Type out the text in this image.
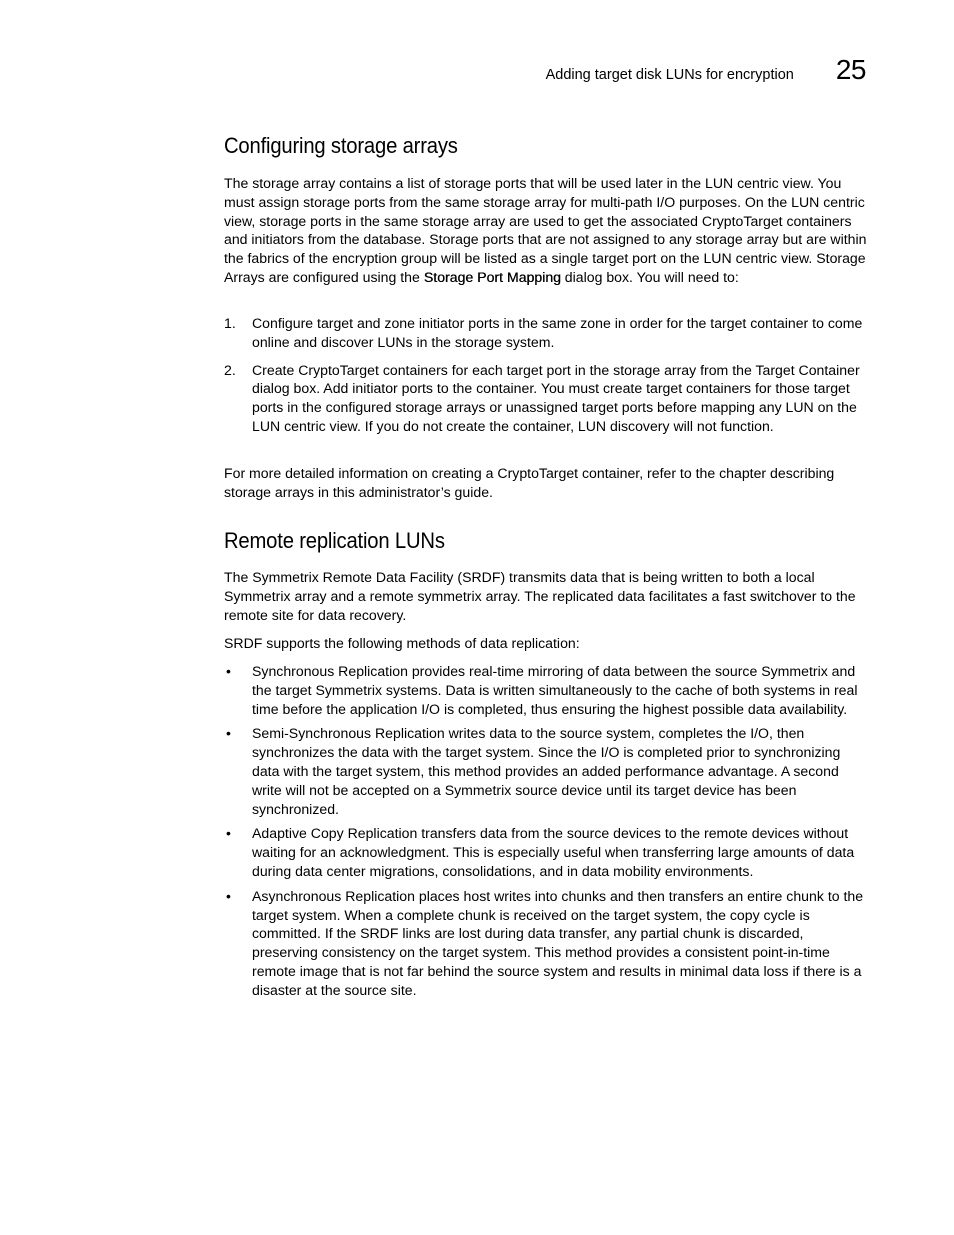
Adding target disk LUNs for encryption 25
Configuring storage arrays

The storage array contains a list of storage ports that will be used later in the LUN centric view. You must assign storage ports from the same storage array for multi-path I/O purposes. On the LUN centric view, storage ports in the same storage array are used to get the associated CryptoTarget containers and initiators from the database. Storage ports that are not assigned to any storage array but are within the fabrics of the encryption group will be listed as a single target port on the LUN centric view. Storage Arrays are configured using the Storage Port Mapping dialog box. You will need to:

1. Configure target and zone initiator ports in the same zone in order for the target container to come online and discover LUNs in the storage system.
2. Create CryptoTarget containers for each target port in the storage array from the Target Container dialog box. Add initiator ports to the container. You must create target containers for those target ports in the configured storage arrays or unassigned target ports before mapping any LUN on the LUN centric view. If you do not create the container, LUN discovery will not function.

For more detailed information on creating a CryptoTarget container, refer to the chapter describing storage arrays in this administrator’s guide.

Remote replication LUNs

The Symmetrix Remote Data Facility (SRDF) transmits data that is being written to both a local Symmetrix array and a remote symmetrix array. The replicated data facilitates a fast switchover to the remote site for data recovery.

SRDF supports the following methods of data replication:

• Synchronous Replication provides real-time mirroring of data between the source Symmetrix and the target Symmetrix systems. Data is written simultaneously to the cache of both systems in real time before the application I/O is completed, thus ensuring the highest possible data availability.
• Semi-Synchronous Replication writes data to the source system, completes the I/O, then synchronizes the data with the target system. Since the I/O is completed prior to synchronizing data with the target system, this method provides an added performance advantage. A second write will not be accepted on a Symmetrix source device until its target device has been synchronized.
• Adaptive Copy Replication transfers data from the source devices to the remote devices without waiting for an acknowledgment. This is especially useful when transferring large amounts of data during data center migrations, consolidations, and in data mobility environments.
• Asynchronous Replication places host writes into chunks and then transfers an entire chunk to the target system. When a complete chunk is received on the target system, the copy cycle is committed. If the SRDF links are lost during data transfer, any partial chunk is discarded, preserving consistency on the target system. This method provides a consistent point-in-time remote image that is not far behind the source system and results in minimal data loss if there is a disaster at the source site.
